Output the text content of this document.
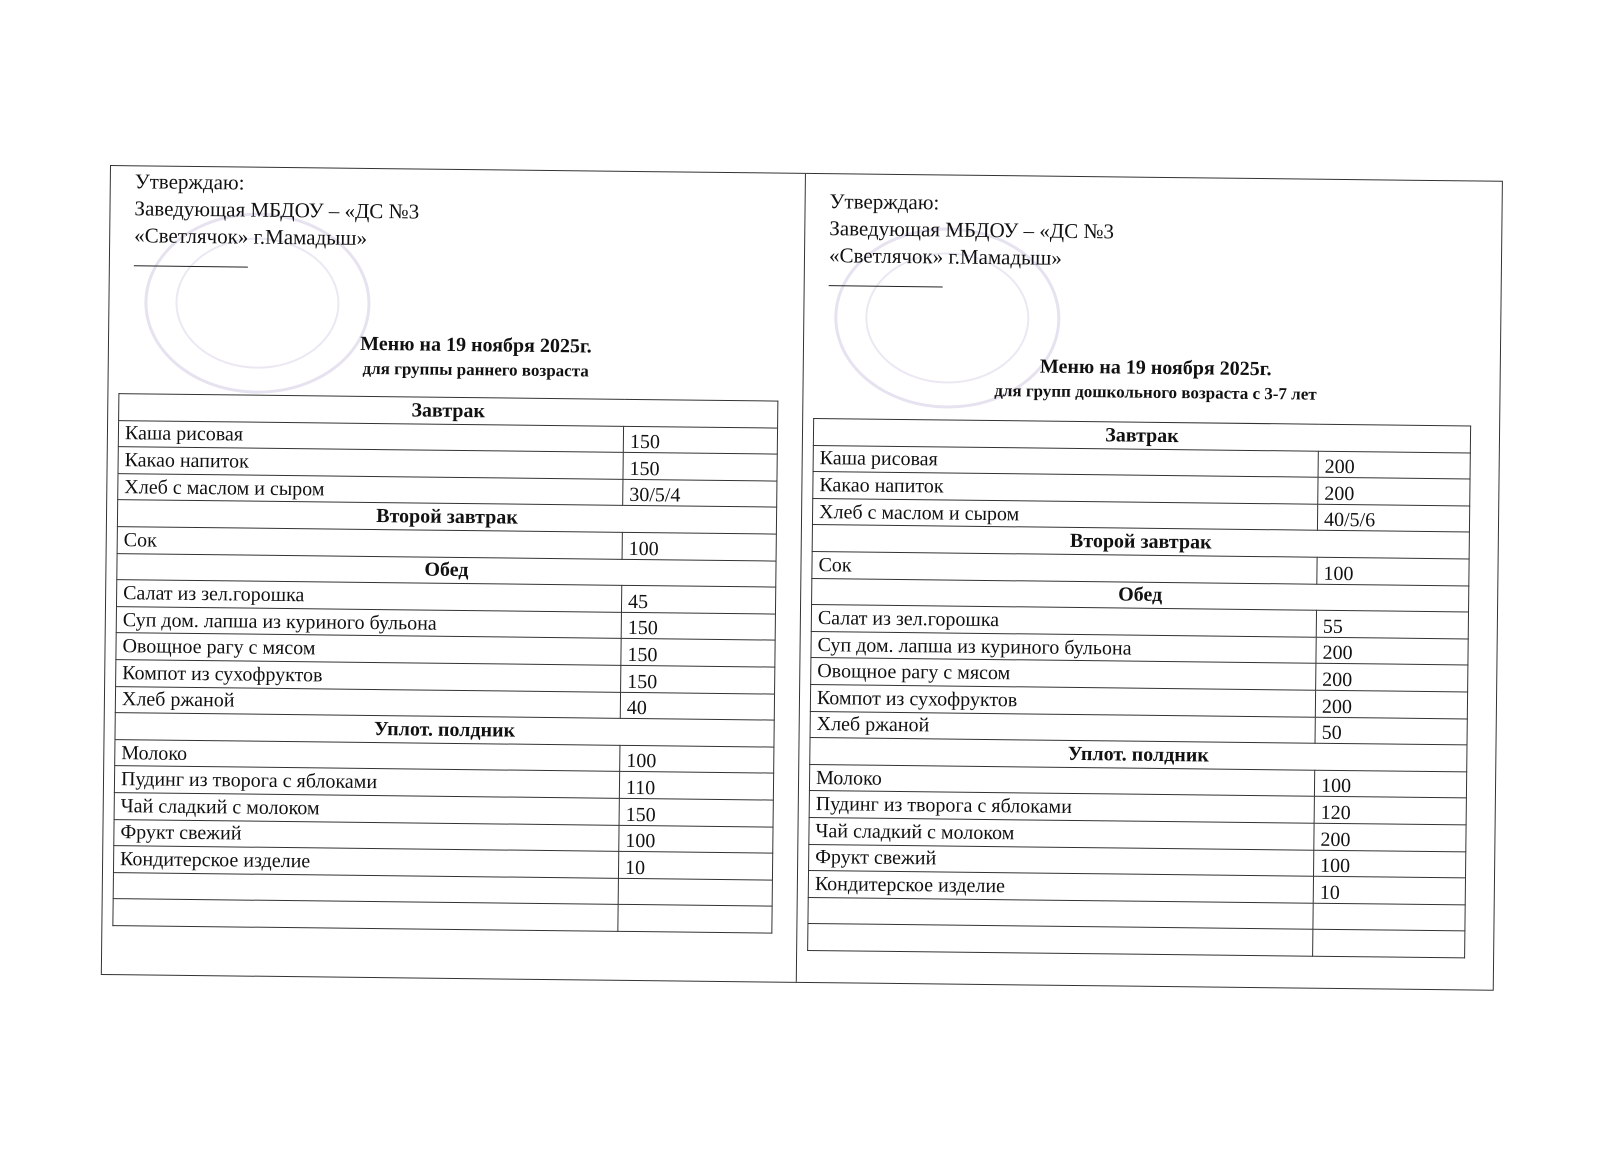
Утверждаю:
Заведующая МБДОУ – «ДС №3
«Светлячок» г.Мамадыш»
Меню на 19 ноября 2025г.
для группы раннего возраста
Завтрак	
Каша рисовая	150
Какао напиток	150
Хлеб с маслом и сыром	30/5/4
Второй завтрак	
Сок	100
Обед	
Салат из зел.горошка	45
Суп дом. лапша из куриного бульона	150
Овощное рагу с мясом	150
Компот из сухофруктов	150
Хлеб ржаной	40
Уплот. полдник	
Молоко	100
Пудинг из творога с яблоками	110
Чай сладкий с молоком	150
Фрукт свежий	100
Кондитерское изделие	10

Утверждаю:
Заведующая МБДОУ – «ДС №3
«Светлячок» г.Мамадыш»
Меню на 19 ноября 2025г.
для групп дошкольного возраста с 3-7 лет
Завтрак	
Каша рисовая	200
Какао напиток	200
Хлеб с маслом и сыром	40/5/6
Второй завтрак	
Сок	100
Обед	
Салат из зел.горошка	55
Суп дом. лапша из куриного бульона	200
Овощное рагу с мясом	200
Компот из сухофруктов	200
Хлеб ржаной	50
Уплот. полдник	
Молоко	100
Пудинг из творога с яблоками	120
Чай сладкий с молоком	200
Фрукт свежий	100
Кондитерское изделие	10
